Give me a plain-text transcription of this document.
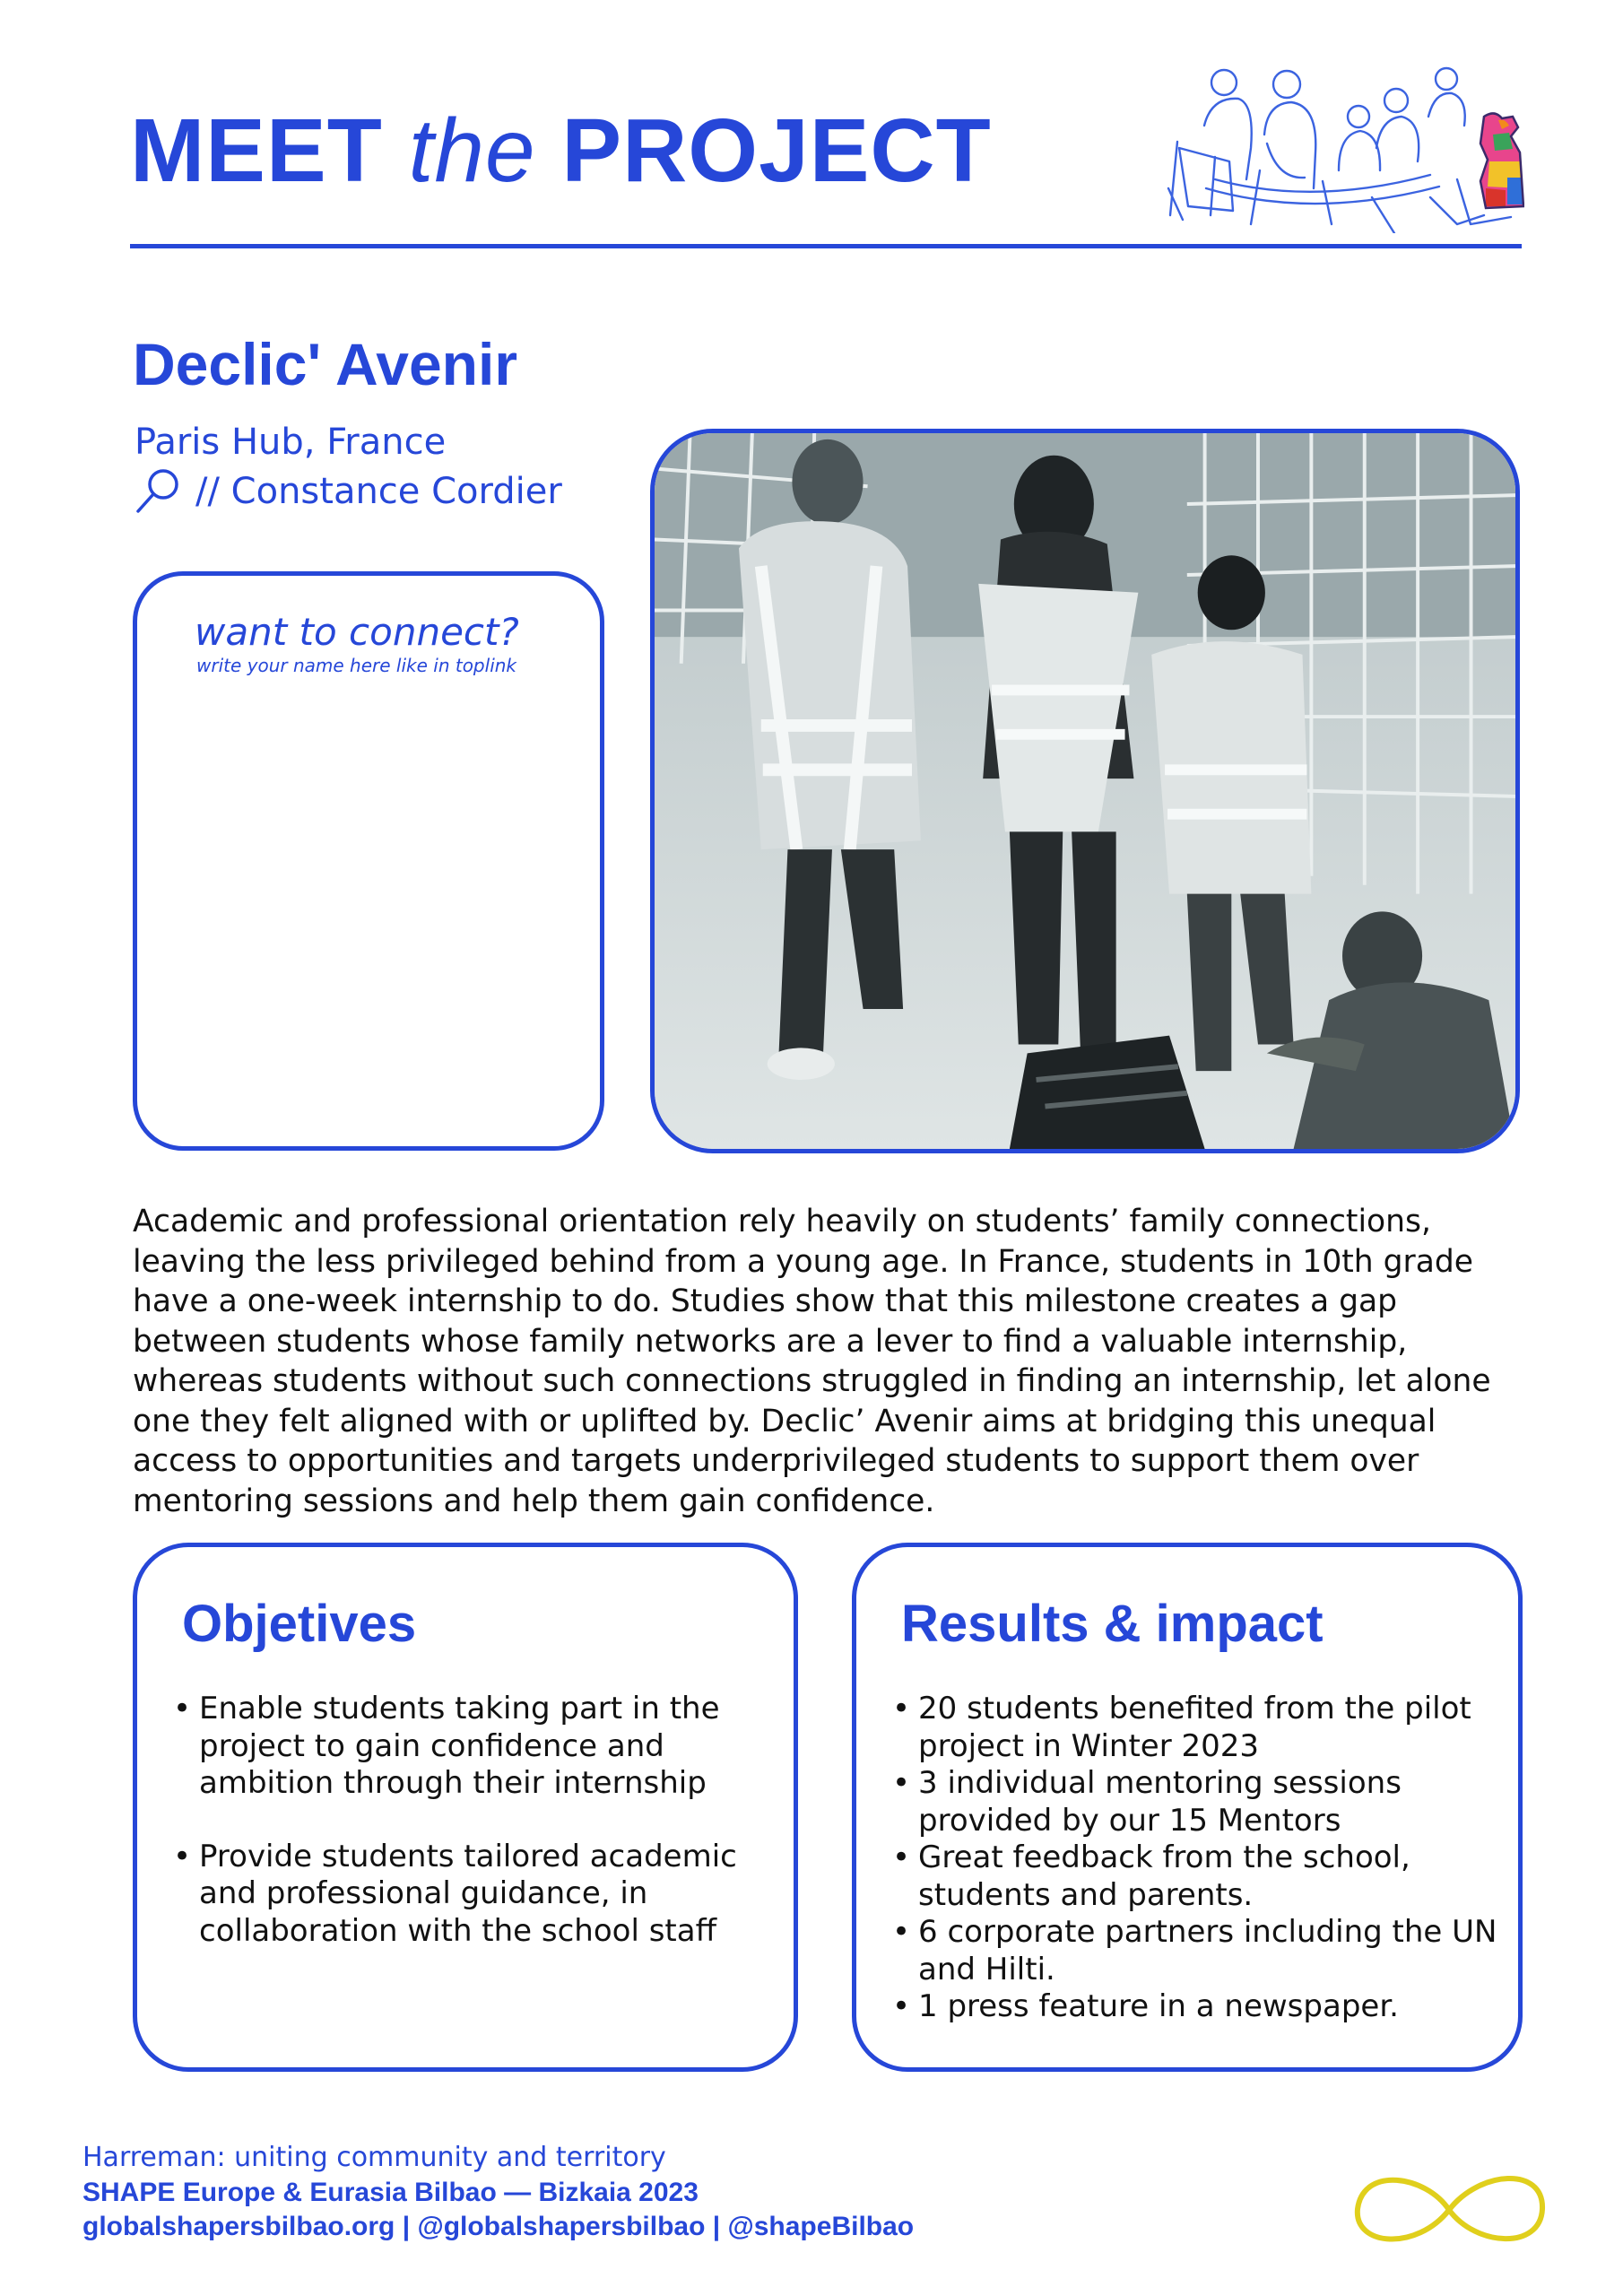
MEET the PROJECT
Declic' Avenir
Paris Hub, France
// Constance Cordier
want to connect?
write your name here like in toplink
Academic and professional orientation rely heavily on students’ family connections, leaving the less privileged behind from a young age. In France, students in 10th grade have a one-week internship to do. Studies show that this milestone creates a gap between students whose family networks are a lever to find a valuable internship, whereas students without such connections struggled in finding an internship, let alone one they felt aligned with or uplifted by. Declic’ Avenir aims at bridging this unequal access to opportunities and targets underprivileged students to support them over mentoring sessions and help them gain confidence.
Objetives
• Enable students taking part in the project to gain confidence and ambition through their internship
• Provide students tailored academic and professional guidance, in collaboration with the school staff
Results & impact
• 20 students benefited from the pilot project in Winter 2023
• 3 individual mentoring sessions provided by our 15 Mentors
• Great feedback from the school, students and parents.
• 6 corporate partners including the UN and Hilti.
• 1 press feature in a newspaper.
Harreman: uniting community and territory
SHAPE Europe & Eurasia Bilbao — Bizkaia 2023
globalshapersbilbao.org | @globalshapersbilbao | @shapeBilbao
